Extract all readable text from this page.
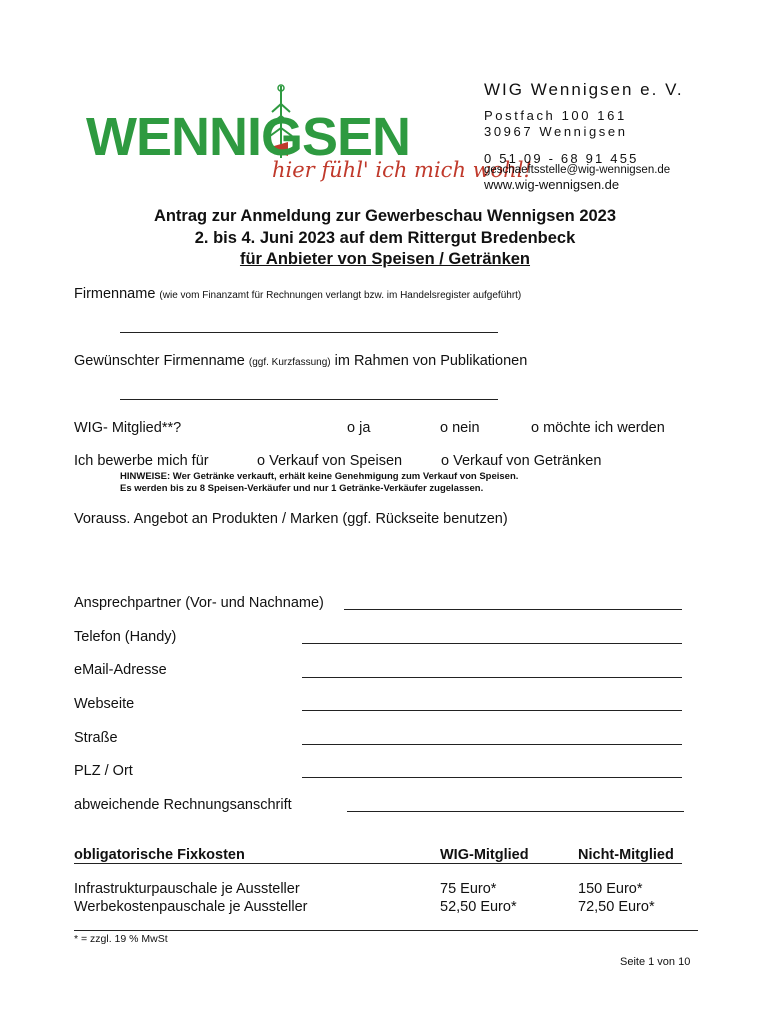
WENNIGSEN
hier fühl' ich mich wohl!
WIG Wennigsen e. V.
Postfach 100 161
30967 Wennigsen
0 51 09 - 68 91 455
geschaeftsstelle@wig-wennigsen.de
www.wig-wennigsen.de
Antrag zur Anmeldung zur Gewerbeschau Wennigsen 2023
2. bis 4. Juni 2023 auf dem Rittergut Bredenbeck
für Anbieter von Speisen / Getränken
Firmenname (wie vom Finanzamt für Rechnungen verlangt bzw. im Handelsregister aufgeführt)
Gewünschter Firmenname (ggf. Kurzfassung) im Rahmen von Publikationen
WIG- Mitglied**?	o ja	o nein	o möchte ich werden
Ich bewerbe mich für	o Verkauf von Speisen	o Verkauf von Getränken
HINWEISE: Wer Getränke verkauft, erhält keine Genehmigung zum Verkauf von Speisen.
Es werden bis zu 8 Speisen-Verkäufer und nur 1 Getränke-Verkäufer zugelassen.
Vorauss. Angebot an Produkten / Marken (ggf. Rückseite benutzen)
Ansprechpartner (Vor- und Nachname)
Telefon (Handy)
eMail-Adresse
Webseite
Straße
PLZ / Ort
abweichende Rechnungsanschrift
obligatorische Fixkosten	WIG-Mitglied	Nicht-Mitglied
Infrastrukturpauschale je Aussteller	75 Euro*	150 Euro*
Werbekostenpauschale je Aussteller	52,50 Euro*	72,50 Euro*
* = zzgl. 19 % MwSt
Seite 1 von 10
